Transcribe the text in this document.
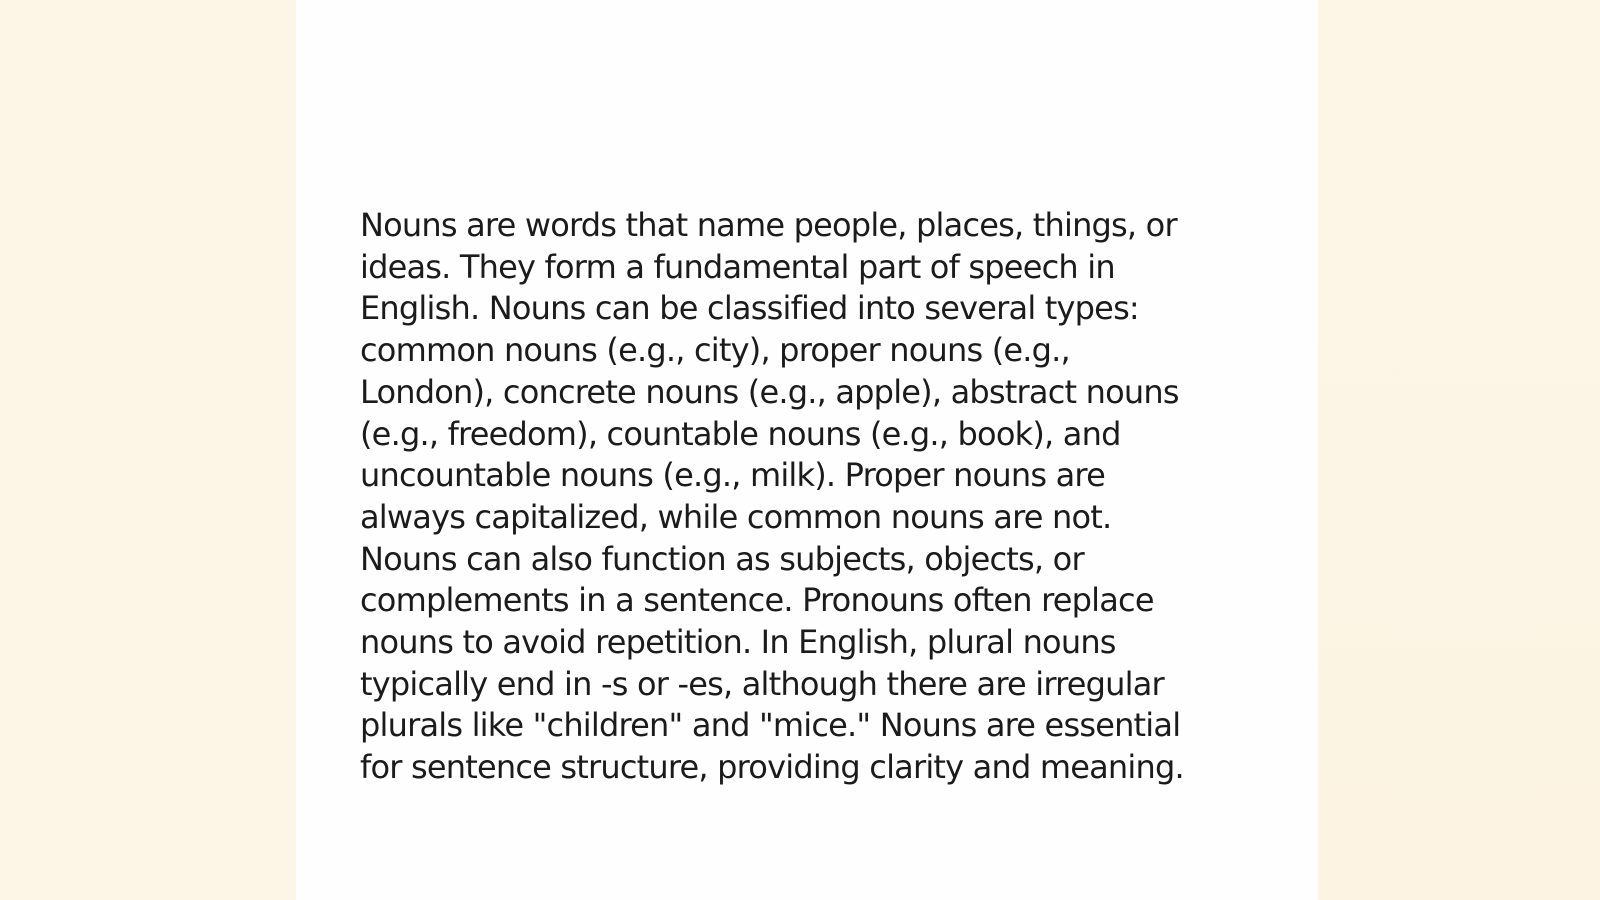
Nouns are words that name people, places, things, or
ideas. They form a fundamental part of speech in
English. Nouns can be classified into several types:
common nouns (e.g., city), proper nouns (e.g.,
London), concrete nouns (e.g., apple), abstract nouns
(e.g., freedom), countable nouns (e.g., book), and
uncountable nouns (e.g., milk). Proper nouns are
always capitalized, while common nouns are not.
Nouns can also function as subjects, objects, or
complements in a sentence. Pronouns often replace
nouns to avoid repetition. In English, plural nouns
typically end in -s or -es, although there are irregular
plurals like "children" and "mice." Nouns are essential
for sentence structure, providing clarity and meaning.
